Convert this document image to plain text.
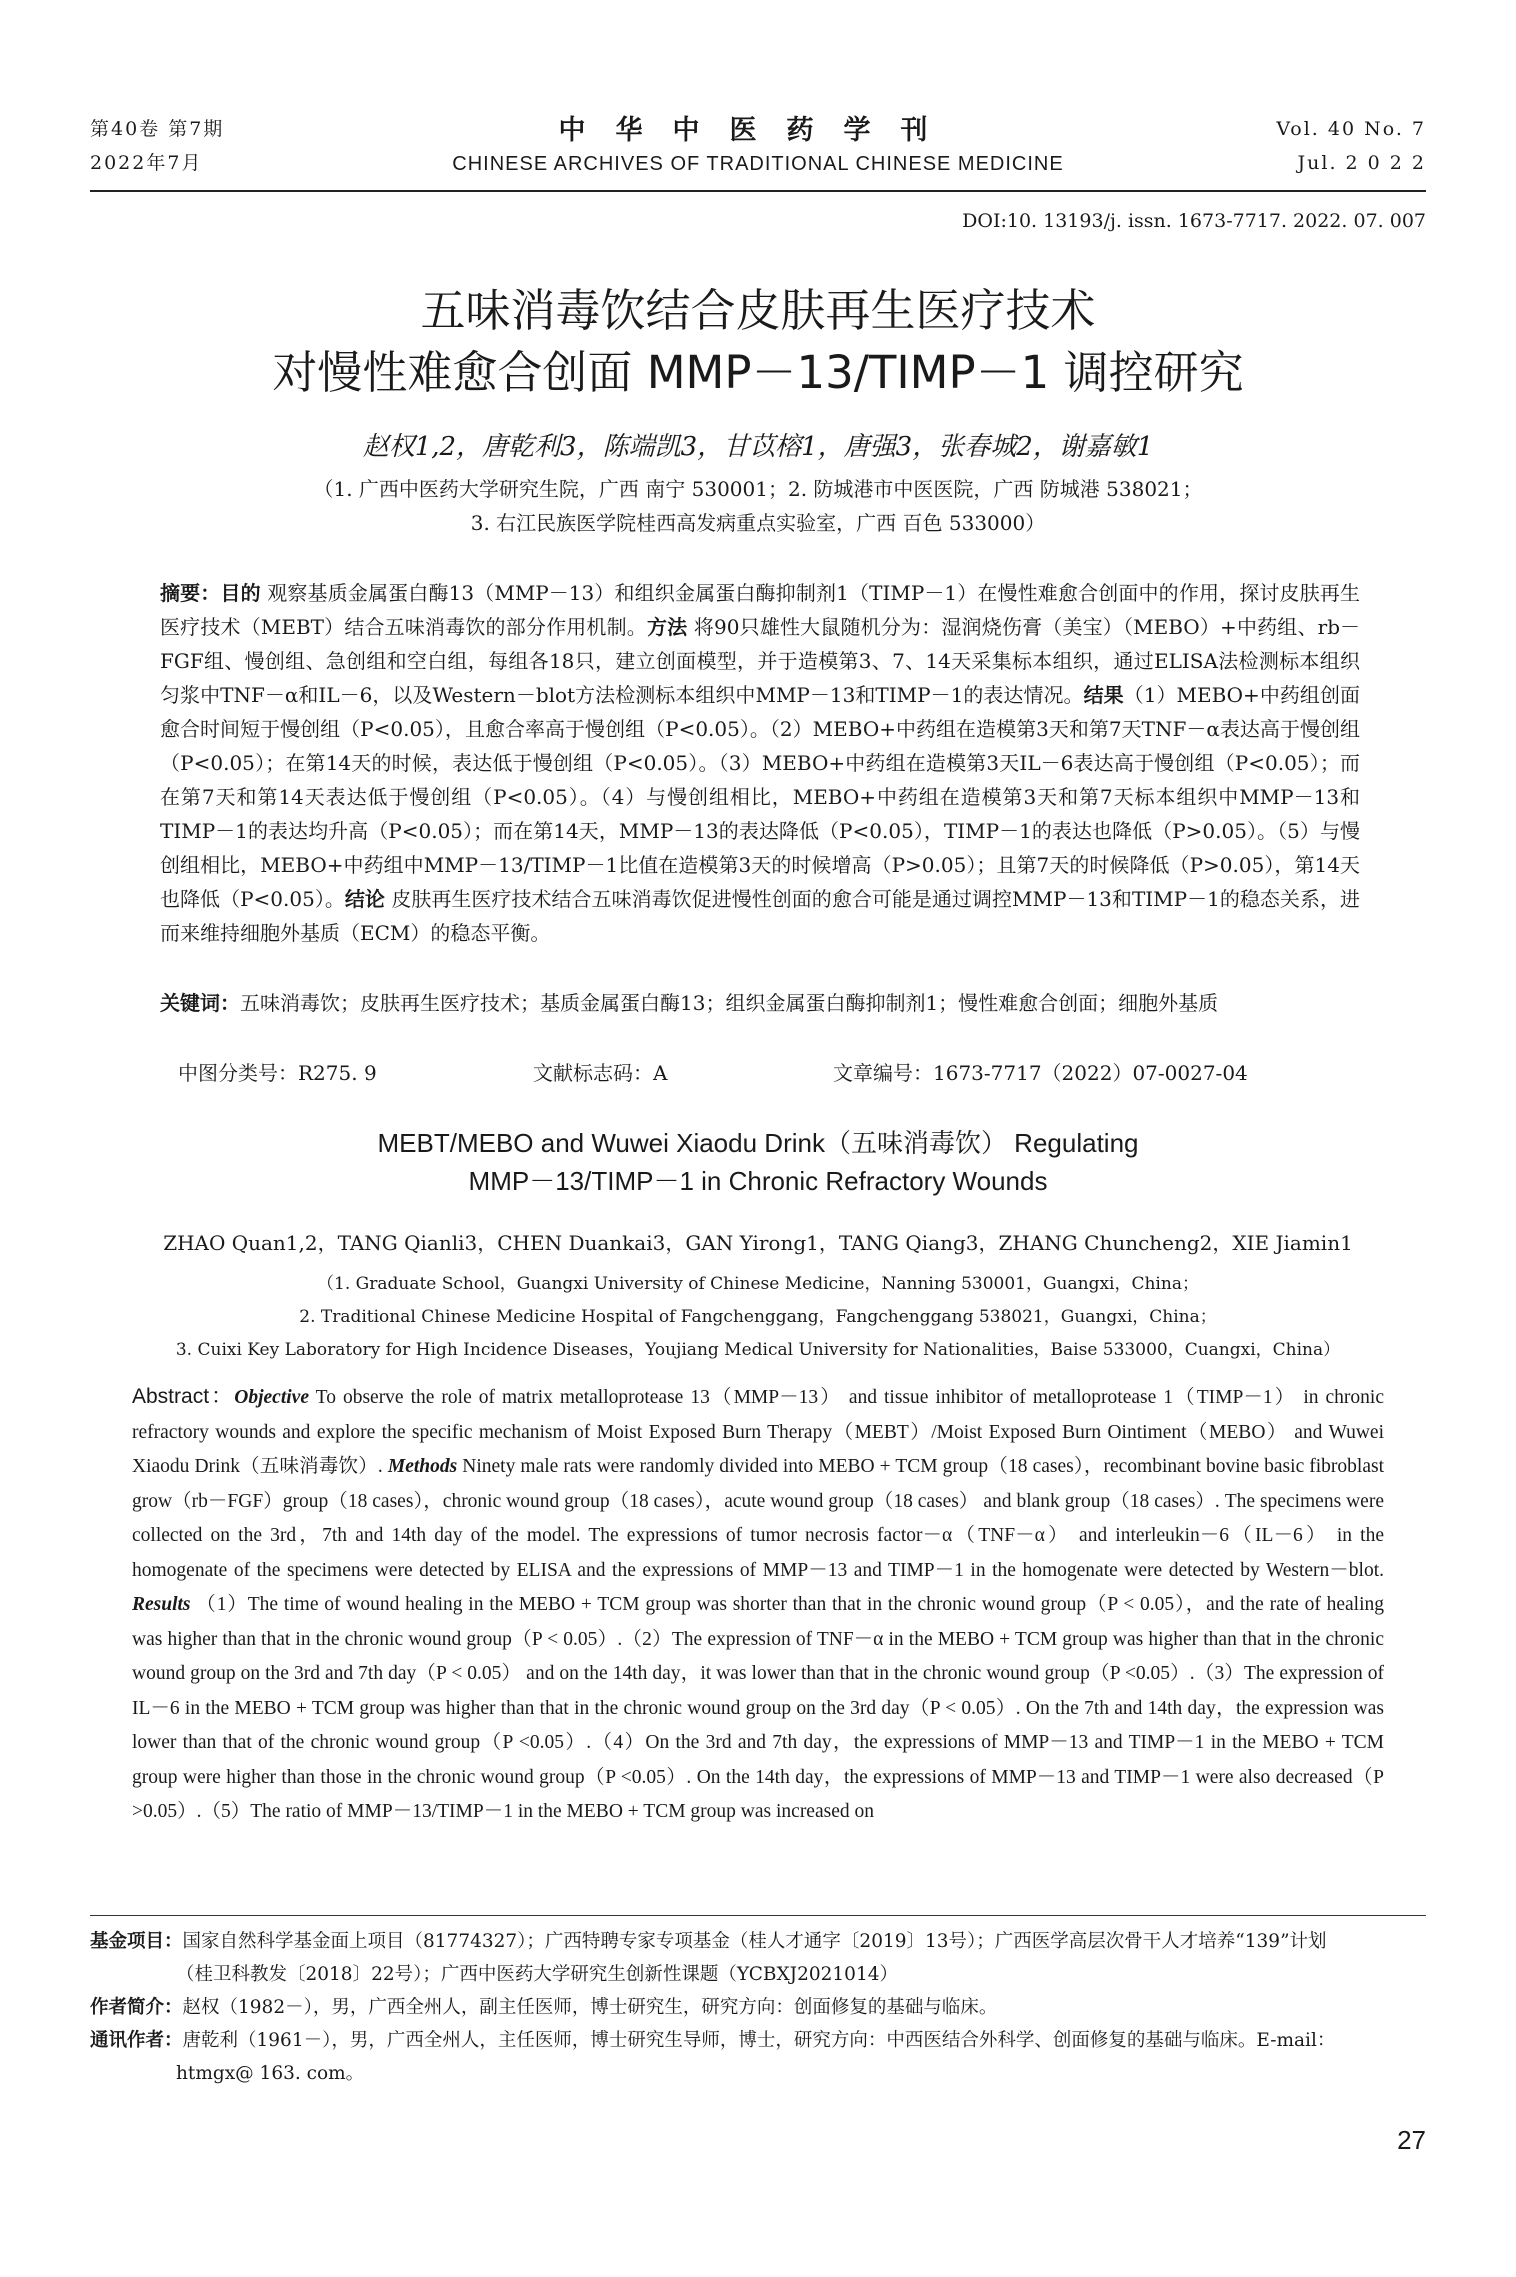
第40卷 第7期
2022年7月
中华中医药学刊
CHINESE ARCHIVES OF TRADITIONAL CHINESE MEDICINE
Vol. 40 No. 7
Jul. 2 0 2 2
DOI:10. 13193/j. issn. 1673-7717. 2022. 07. 007
五味消毒饮结合皮肤再生医疗技术
对慢性难愈合创面 MMP－13/TIMP－1 调控研究
赵权1,2，唐乾利3，陈端凯3，甘苡榕1，唐强3，张春城2，谢嘉敏1
（1. 广西中医药大学研究生院，广西 南宁 530001；2. 防城港市中医医院，广西 防城港 538021；
3. 右江民族医学院桂西高发病重点实验室，广西 百色 533000）
摘要：目的 观察基质金属蛋白酶13（MMP－13）和组织金属蛋白酶抑制剂1（TIMP－1）在慢性难愈合创面中的作用，探讨皮肤再生医疗技术（MEBT）结合五味消毒饮的部分作用机制。方法 将90只雄性大鼠随机分为：湿润烧伤膏（美宝）（MEBO）+中药组、rb－FGF组、慢创组、急创组和空白组，每组各18只，建立创面模型，并于造模第3、7、14天采集标本组织，通过ELISA法检测标本组织匀浆中TNF－α和IL－6，以及Western－blot方法检测标本组织中MMP－13和TIMP－1的表达情况。结果（1）MEBO+中药组创面愈合时间短于慢创组（P<0.05），且愈合率高于慢创组（P<0.05）。（2）MEBO+中药组在造模第3天和第7天TNF－α表达高于慢创组（P<0.05）；在第14天的时候，表达低于慢创组（P<0.05）。（3）MEBO+中药组在造模第3天IL－6表达高于慢创组（P<0.05）；而在第7天和第14天表达低于慢创组（P<0.05）。（4）与慢创组相比，MEBO+中药组在造模第3天和第7天标本组织中MMP－13和TIMP－1的表达均升高（P<0.05）；而在第14天，MMP－13的表达降低（P<0.05），TIMP－1的表达也降低（P>0.05）。（5）与慢创组相比，MEBO+中药组中MMP－13/TIMP－1比值在造模第3天的时候增高（P>0.05）；且第7天的时候降低（P>0.05），第14天也降低（P<0.05）。结论 皮肤再生医疗技术结合五味消毒饮促进慢性创面的愈合可能是通过调控MMP－13和TIMP－1的稳态关系，进而来维持细胞外基质（ECM）的稳态平衡。
关键词：五味消毒饮；皮肤再生医疗技术；基质金属蛋白酶13；组织金属蛋白酶抑制剂1；慢性难愈合创面；细胞外基质
中图分类号：R275. 9	文献标志码：A	文章编号：1673-7717（2022）07-0027-04
MEBT/MEBO and Wuwei Xiaodu Drink（五味消毒饮） Regulating
MMP－13/TIMP－1 in Chronic Refractory Wounds
ZHAO Quan1,2，TANG Qianli3，CHEN Duankai3，GAN Yirong1，TANG Qiang3，ZHANG Chuncheng2，XIE Jiamin1
（1. Graduate School，Guangxi University of Chinese Medicine，Nanning 530001，Guangxi，China；
2. Traditional Chinese Medicine Hospital of Fangchenggang，Fangchenggang 538021，Guangxi，China；
3. Cuixi Key Laboratory for High Incidence Diseases，Youjiang Medical University for Nationalities，Baise 533000，Cuangxi，China）
Abstract：Objective To observe the role of matrix metalloprotease 13（MMP－13） and tissue inhibitor of metalloprotease 1（TIMP－1） in chronic refractory wounds and explore the specific mechanism of Moist Exposed Burn Therapy（MEBT）/Moist Exposed Burn Ointiment（MEBO） and Wuwei Xiaodu Drink（五味消毒饮）. Methods Ninety male rats were randomly divided into MEBO + TCM group（18 cases），recombinant bovine basic fibroblast grow（rb－FGF）group（18 cases），chronic wound group（18 cases），acute wound group（18 cases） and blank group（18 cases）. The specimens were collected on the 3rd，7th and 14th day of the model. The expressions of tumor necrosis factor－α（TNF－α） and interleukin－6（IL－6） in the homogenate of the specimens were detected by ELISA and the expressions of MMP－13 and TIMP－1 in the homogenate were detected by Western－blot. Results （1）The time of wound healing in the MEBO + TCM group was shorter than that in the chronic wound group（P < 0.05），and the rate of healing was higher than that in the chronic wound group（P < 0.05）.（2）The expression of TNF－α in the MEBO + TCM group was higher than that in the chronic wound group on the 3rd and 7th day（P < 0.05） and on the 14th day，it was lower than that in the chronic wound group（P <0.05）.（3）The expression of IL－6 in the MEBO + TCM group was higher than that in the chronic wound group on the 3rd day（P < 0.05）. On the 7th and 14th day，the expression was lower than that of the chronic wound group（P <0.05）.（4）On the 3rd and 7th day，the expressions of MMP－13 and TIMP－1 in the MEBO + TCM group were higher than those in the chronic wound group（P <0.05）. On the 14th day，the expressions of MMP－13 and TIMP－1 were also decreased（P >0.05）.（5）The ratio of MMP－13/TIMP－1 in the MEBO + TCM group was increased on
基金项目：国家自然科学基金面上项目（81774327）；广西特聘专家专项基金（桂人才通字〔2019〕13号）；广西医学高层次骨干人才培养“139”计划
（桂卫科教发〔2018〕22号）；广西中医药大学研究生创新性课题（YCBXJ2021014）
作者简介：赵权（1982－），男，广西全州人，副主任医师，博士研究生，研究方向：创面修复的基础与临床。
通讯作者：唐乾利（1961－），男，广西全州人，主任医师，博士研究生导师，博士，研究方向：中西医结合外科学、创面修复的基础与临床。E-mail：
htmgx@ 163. com。
27
